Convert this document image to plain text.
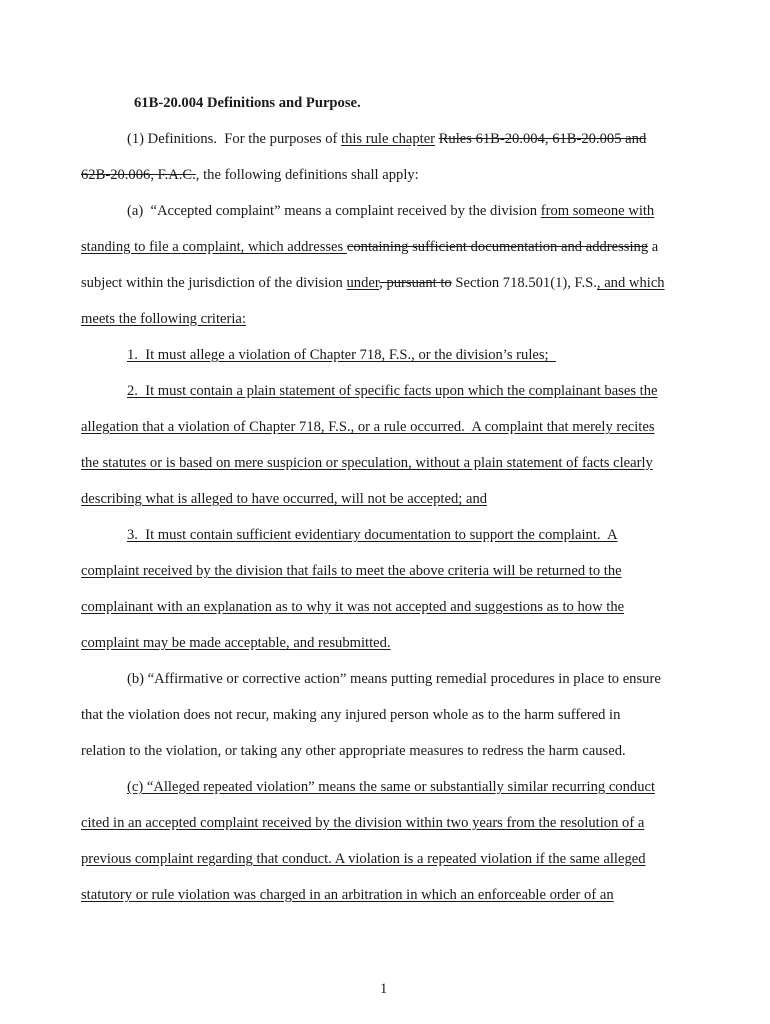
61B-20.004 Definitions and Purpose.
(1) Definitions.  For the purposes of this rule chapter Rules 61B-20.004, 61B-20.005 and
62B-20.006, F.A.C., the following definitions shall apply:
(a)  “Accepted complaint” means a complaint received by the division from someone with
standing to file a complaint, which addresses containing sufficient documentation and addressing a
subject within the jurisdiction of the division under, pursuant to Section 718.501(1), F.S., and which
meets the following criteria:
1.  It must allege a violation of Chapter 718, F.S., or the division’s rules;
2.  It must contain a plain statement of specific facts upon which the complainant bases the
allegation that a violation of Chapter 718, F.S., or a rule occurred.  A complaint that merely recites
the statutes or is based on mere suspicion or speculation, without a plain statement of facts clearly
describing what is alleged to have occurred, will not be accepted; and
3.  It must contain sufficient evidentiary documentation to support the complaint.  A
complaint received by the division that fails to meet the above criteria will be returned to the
complainant with an explanation as to why it was not accepted and suggestions as to how the
complaint may be made acceptable, and resubmitted.
(b) “Affirmative or corrective action” means putting remedial procedures in place to ensure
that the violation does not recur, making any injured person whole as to the harm suffered in
relation to the violation, or taking any other appropriate measures to redress the harm caused.
(c) “Alleged repeated violation” means the same or substantially similar recurring conduct
cited in an accepted complaint received by the division within two years from the resolution of a
previous complaint regarding that conduct. A violation is a repeated violation if the same alleged
statutory or rule violation was charged in an arbitration in which an enforceable order of an
1
